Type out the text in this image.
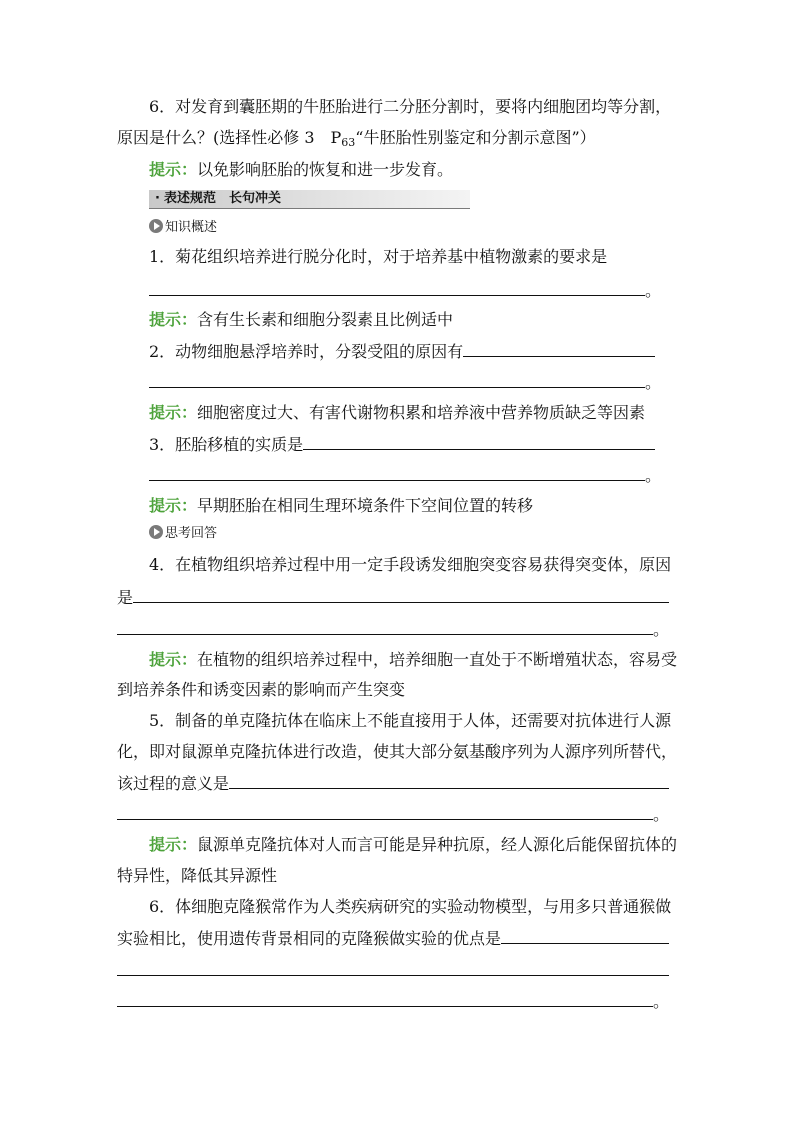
6．对发育到囊胚期的牛胚胎进行二分胚分割时，要将内细胞团均等分割，
原因是什么？(选择性必修 3　$P_{63}“$牛胚胎性别鉴定和分割示意图”）
提示：以免影响胚胎的恢复和进一步发育。
· 表述规范　长句冲关
知识概述
1．菊花组织培养进行脱分化时，对于培养基中植物激素的要求是
。
提示：含有生长素和细胞分裂素且比例适中
2．动物细胞悬浮培养时，分裂受阻的原因有
。
提示：细胞密度过大、有害代谢物积累和培养液中营养物质缺乏等因素
3．胚胎移植的实质是
。
提示：早期胚胎在相同生理环境条件下空间位置的转移
思考回答
4．在植物组织培养过程中用一定手段诱发细胞突变容易获得突变体，原因
是
。
提示：在植物的组织培养过程中，培养细胞一直处于不断增殖状态，容易受
到培养条件和诱变因素的影响而产生突变
5．制备的单克隆抗体在临床上不能直接用于人体，还需要对抗体进行人源
化，即对鼠源单克隆抗体进行改造，使其大部分氨基酸序列为人源序列所替代，
该过程的意义是
。
提示：鼠源单克隆抗体对人而言可能是异种抗原，经人源化后能保留抗体的
特异性，降低其异源性
6．体细胞克隆猴常作为人类疾病研究的实验动物模型，与用多只普通猴做
实验相比，使用遗传背景相同的克隆猴做实验的优点是
。
